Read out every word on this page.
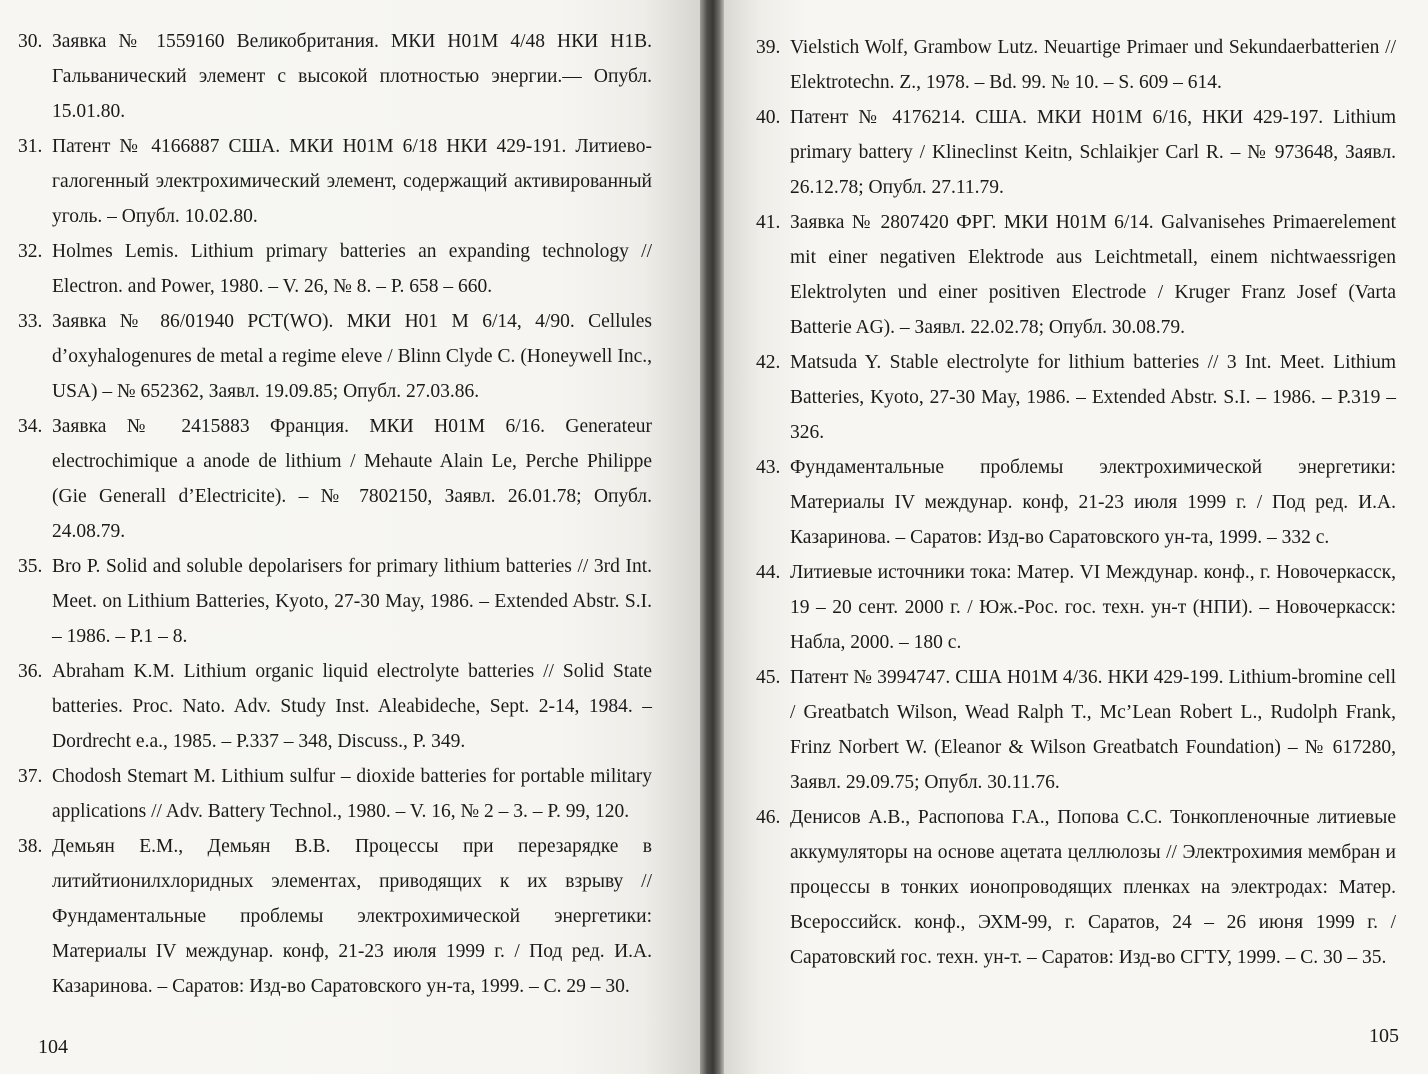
30. Заявка № 1559160 Великобритания. МКИ Н01М 4/48 НКИ Н1В. Гальванический элемент с высокой плотностью энергии.— Опубл. 15.01.80.
31. Патент № 4166887 США. МКИ Н01М 6/18 НКИ 429-191. Литиево-галогенный электрохимический элемент, содержащий активированный уголь. – Опубл. 10.02.80.
32. Holmes Lemis. Lithium primary batteries an expanding technology // Electron. and Power, 1980. – V. 26, № 8. – P. 658 – 660.
33. Заявка № 86/01940 PCT(WO). МКИ H01 M 6/14, 4/90. Cellules d’oxyhalogenures de metal a regime eleve / Blinn Clyde C. (Honeywell Inc., USA) – № 652362, Заявл. 19.09.85; Опубл. 27.03.86.
34. Заявка № 2415883 Франция. МКИ Н01М 6/16. Generateur electrochimique a anode de lithium / Mehaute Alain Le, Perche Philippe (Gie Generall d’Electricite). – № 7802150, Заявл. 26.01.78; Опубл. 24.08.79.
35. Bro P. Solid and soluble depolarisers for primary lithium batteries // 3rd Int. Meet. on Lithium Batteries, Kyoto, 27-30 May, 1986. – Extended Abstr. S.I. – 1986. – P.1 – 8.
36. Abraham K.M. Lithium organic liquid electrolyte batteries // Solid State batteries. Proc. Nato. Adv. Study Inst. Aleabideche, Sept. 2-14, 1984. – Dordrecht e.a., 1985. – P.337 – 348, Discuss., P. 349.
37. Chodosh Stemart M. Lithium sulfur – dioxide batteries for portable military applications // Adv. Battery Technol., 1980. – V. 16, № 2 – 3. – P. 99, 120.
38. Демьян Е.М., Демьян В.В. Процессы при перезарядке в литийтионилхлоридных элементах, приводящих к их взрыву // Фундаментальные проблемы электрохимической энергетики: Материалы IV междунар. конф, 21-23 июля 1999 г. / Под ред. И.А. Казаринова. – Саратов: Изд-во Саратовского ун-та, 1999. – С. 29 – 30.
104
39. Vielstich Wolf, Grambow Lutz. Neuartige Primaer und Sekundaerbatterien // Elektrotechn. Z., 1978. – Bd. 99. № 10. – S. 609 – 614.
40. Патент № 4176214. США. МКИ H01M 6/16, НКИ 429-197. Lithium primary battery / Klineclinst Keitn, Schlaikjer Carl R. – № 973648, Заявл. 26.12.78; Опубл. 27.11.79.
41. Заявка № 2807420 ФРГ. МКИ Н01М 6/14. Galvanisehes Primaerelement mit einer negativen Elektrode aus Leichtmetall, einem nichtwaessrigen Elektrolyten und einer positiven Electrode / Kruger Franz Josef (Varta Batterie AG). – Заявл. 22.02.78; Опубл. 30.08.79.
42. Matsuda Y. Stable electrolyte for lithium batteries // 3 Int. Meet. Lithium Batteries, Kyoto, 27-30 May, 1986. – Extended Abstr. S.I. – 1986. – P.319 – 326.
43. Фундаментальные проблемы электрохимической энергетики: Материалы IV междунар. конф, 21-23 июля 1999 г. / Под ред. И.А. Казаринова. – Саратов: Изд-во Саратовского ун-та, 1999. – 332 с.
44. Литиевые источники тока: Матер. VI Междунар. конф., г. Новочеркасск, 19 – 20 сент. 2000 г. / Юж.-Рос. гос. техн. ун-т (НПИ). – Новочеркасск: Набла, 2000. – 180 с.
45. Патент № 3994747. США Н01М 4/36. НКИ 429-199. Lithium-bromine cell / Greatbatch Wilson, Wead Ralph T., Mc’Lean Robert L., Rudolph Frank, Frinz Norbert W. (Eleanor & Wilson Greatbatch Foundation) – № 617280, Заявл. 29.09.75; Опубл. 30.11.76.
46. Денисов А.В., Распопова Г.А., Попова С.С. Тонкопленочные литиевые аккумуляторы на основе ацетата целлюлозы // Электрохимия мембран и процессы в тонких ионопроводящих пленках на электродах: Матер. Всероссийск. конф., ЭХМ-99, г. Саратов, 24 – 26 июня 1999 г. / Саратовский гос. техн. ун-т. – Саратов: Изд-во СГТУ, 1999. – С. 30 – 35.
105
